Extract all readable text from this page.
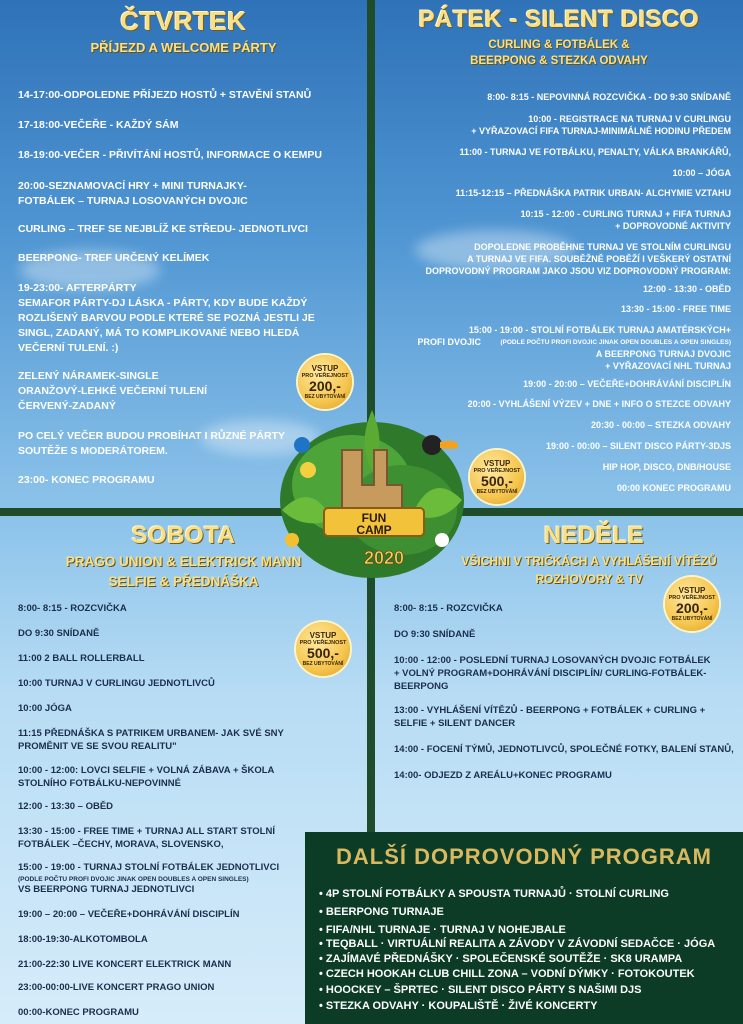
ČTVRTEK
PŘÍJEZD A WELCOME PÁRTY
14-17:00-ODPOLEDNE PŘÍJEZD HOSTŮ + STAVĚNÍ STANŮ
17-18:00-VEČEŘE - KAŽDÝ SÁM
18-19:00-VEČER - PŘIVÍTÁNÍ HOSTŮ, INFORMACE O KEMPU
20:00-SEZNAMOVACÍ HRY + MINI TURNAJKY-
FOTBÁLEK – TURNAJ LOSOVANÝCH DVOJIC
CURLING – TREF SE NEJBLÍŽ KE STŘEDU- JEDNOTLIVCI
BEERPONG- TREF URČENÝ KELÍMEK
19-23:00- AFTERPÁRTY
SEMAFOR PÁRTY-DJ LÁSKA - PÁRTY, KDY BUDE KAŽDÝ
ROZLIŠENÝ BARVOU PODLE KTERÉ SE POZNÁ JESTLI JE
SINGL, ZADANÝ, MÁ TO KOMPLIKOVANÉ NEBO HLEDÁ
VEČERNÍ TULENÍ. :)
ZELENÝ NÁRAMEK-SINGLE
ORANŽOVÝ-LEHKÉ VEČERNÍ TULENÍ
ČERVENÝ-ZADANÝ
PO CELÝ VEČER BUDOU PROBÍHAT I RŮZNÉ PÁRTY
SOUTĚŽE S MODERÁTOREM.
23:00- KONEC PROGRAMU
VSTUP
PRO VEŘEJNOST
200,-
BEZ UBYTOVÁNÍ
PÁTEK - SILENT DISCO
CURLING & FOTBÁLEK &
BEERPONG & STEZKA ODVAHY
8:00- 8:15 - NEPOVINNÁ ROZCVIČKA - DO 9:30 SNÍDANĚ
10:00 - REGISTRACE NA TURNAJ V CURLINGU
+ VYŘAZOVACÍ FIFA TURNAJ-MINIMÁLNĚ HODINU PŘEDEM
11:00 - TURNAJ VE FOTBÁLKU, PENALTY, VÁLKA BRANKÁŘŮ,
10:00 – JÓGA
11:15-12:15 – PŘEDNÁŠKA PATRIK URBAN- ALCHYMIE VZTAHU
10:15 - 12:00 - CURLING TURNAJ + FIFA TURNAJ
+ DOPROVODNÉ AKTIVITY
DOPOLEDNE PROBĚHNE TURNAJ VE STOLNÍM CURLINGU
A TURNAJ VE FIFA. SOUBĚŽNĚ POBĚŽÍ I VEŠKERÝ OSTATNÍ
DOPROVODNÝ PROGRAM JAKO JSOU VIZ DOPROVODNÝ PROGRAM:
12:00 - 13:30 - OBĚD
13:30 - 15:00 - FREE TIME
15:00 - 19:00 - STOLNÍ FOTBÁLEK TURNAJ AMATÉRSKÝCH+
PROFI DVOJIC	(PODLE POČTU PROFI DVOJIC JINAK OPEN DOUBLES A OPEN SINGLES)
A BEERPONG TURNAJ DVOJIC
+ VYŘAZOVACÍ NHL TURNAJ
19:00 - 20:00 – VEČEŘE+DOHRÁVÁNÍ DISCIPLÍN
20:00 - VYHLÁŠENÍ VÝZEV + DNE + INFO O STEZCE ODVAHY
20:30 - 00:00 – STEZKA ODVAHY
19:00 - 00:00 – SILENT DISCO PÁRTY-3DJS
HIP HOP, DISCO, DNB/HOUSE
00:00 KONEC PROGRAMU
VSTUP
PRO VEŘEJNOST
500,-
BEZ UBYTOVÁNÍ
SOBOTA
PRAGO UNION & ELEKTRICK MANN
SELFIE & PŘEDNÁŠKA
8:00- 8:15 - ROZCVIČKA
DO 9:30 SNÍDANĚ
11:00 2 BALL ROLLERBALL
10:00 TURNAJ V CURLINGU JEDNOTLIVCŮ
10:00 JÓGA
11:15 PŘEDNÁŠKA S PATRIKEM URBANEM- JAK SVÉ SNY
PROMĚNIT VE SE SVOU REALITU"
10:00 - 12:00: LOVCI SELFIE + VOLNÁ ZÁBAVA + ŠKOLA
STOLNÍHO FOTBÁLKU-NEPOVINNÉ
12:00 - 13:30 – OBĚD
13:30 - 15:00 - FREE TIME + TURNAJ ALL START STOLNÍ
FOTBÁLEK –ČECHY, MORAVA, SLOVENSKO,
15:00 - 19:00 - TURNAJ STOLNÍ FOTBÁLEK JEDNOTLIVCI
(PODLE POČTU PROFI DVOJIC JINAK OPEN DOUBLES A OPEN SINGLES)
VS BEERPONG TURNAJ JEDNOTLIVCI
19:00 – 20:00 – VEČEŘE+DOHRÁVÁNÍ DISCIPLÍN
18:00-19:30-ALKOTOMBOLA
21:00-22:30 LIVE KONCERT ELEKTRICK MANN
23:00-00:00-LIVE KONCERT PRAGO UNION
00:00-KONEC PROGRAMU
VSTUP
PRO VEŘEJNOST
500,-
BEZ UBYTOVÁNÍ
NEDĚLE
VŠICHNI V TRIČKÁCH A VYHLÁŠENÍ VÍTĚZŮ
ROZHOVORY & TV
8:00- 8:15 - ROZCVIČKA
DO 9:30 SNÍDANĚ
10:00 - 12:00 - POSLEDNÍ TURNAJ LOSOVANÝCH DVOJIC FOTBÁLEK
+ VOLNÝ PROGRAM+DOHRÁVÁNÍ DISCIPLÍN/ CURLING-FOTBÁLEK-
BEERPONG
13:00 - VYHLÁŠENÍ VÍTĚZŮ - BEERPONG + FOTBÁLEK + CURLING +
SELFIE + SILENT DANCER
14:00 - FOCENÍ TÝMŮ, JEDNOTLIVCŮ, SPOLEČNÉ FOTKY, BALENÍ STANŮ,
14:00- ODJEZD Z AREÁLU+KONEC PROGRAMU
VSTUP
PRO VEŘEJNOST
200,-
BEZ UBYTOVÁNÍ
FUN
CAMP
2020
DALŠÍ DOPROVODNÝ PROGRAM
• 4P STOLNÍ FOTBÁLKY A SPOUSTA TURNAJŮ · STOLNÍ CURLING
• BEERPONG TURNAJE
• FIFA/NHL TURNAJE · TURNAJ V NOHEJBALE
• TEQBALL · VIRTUÁLNÍ REALITA A ZÁVODY V ZÁVODNÍ SEDAČCE · JÓGA
• ZAJÍMAVÉ PŘEDNÁŠKY · SPOLEČENSKÉ SOUTĚŽE · SK8 URAMPA
• CZECH HOOKAH CLUB CHILL ZONA – VODNÍ DÝMKY · FOTOKOUTEK
• HOOCKEY – ŠPRTEC · SILENT DISCO PÁRTY S NAŠIMI DJS
• STEZKA ODVAHY · KOUPALIŠTĚ · ŽIVÉ KONCERTY
